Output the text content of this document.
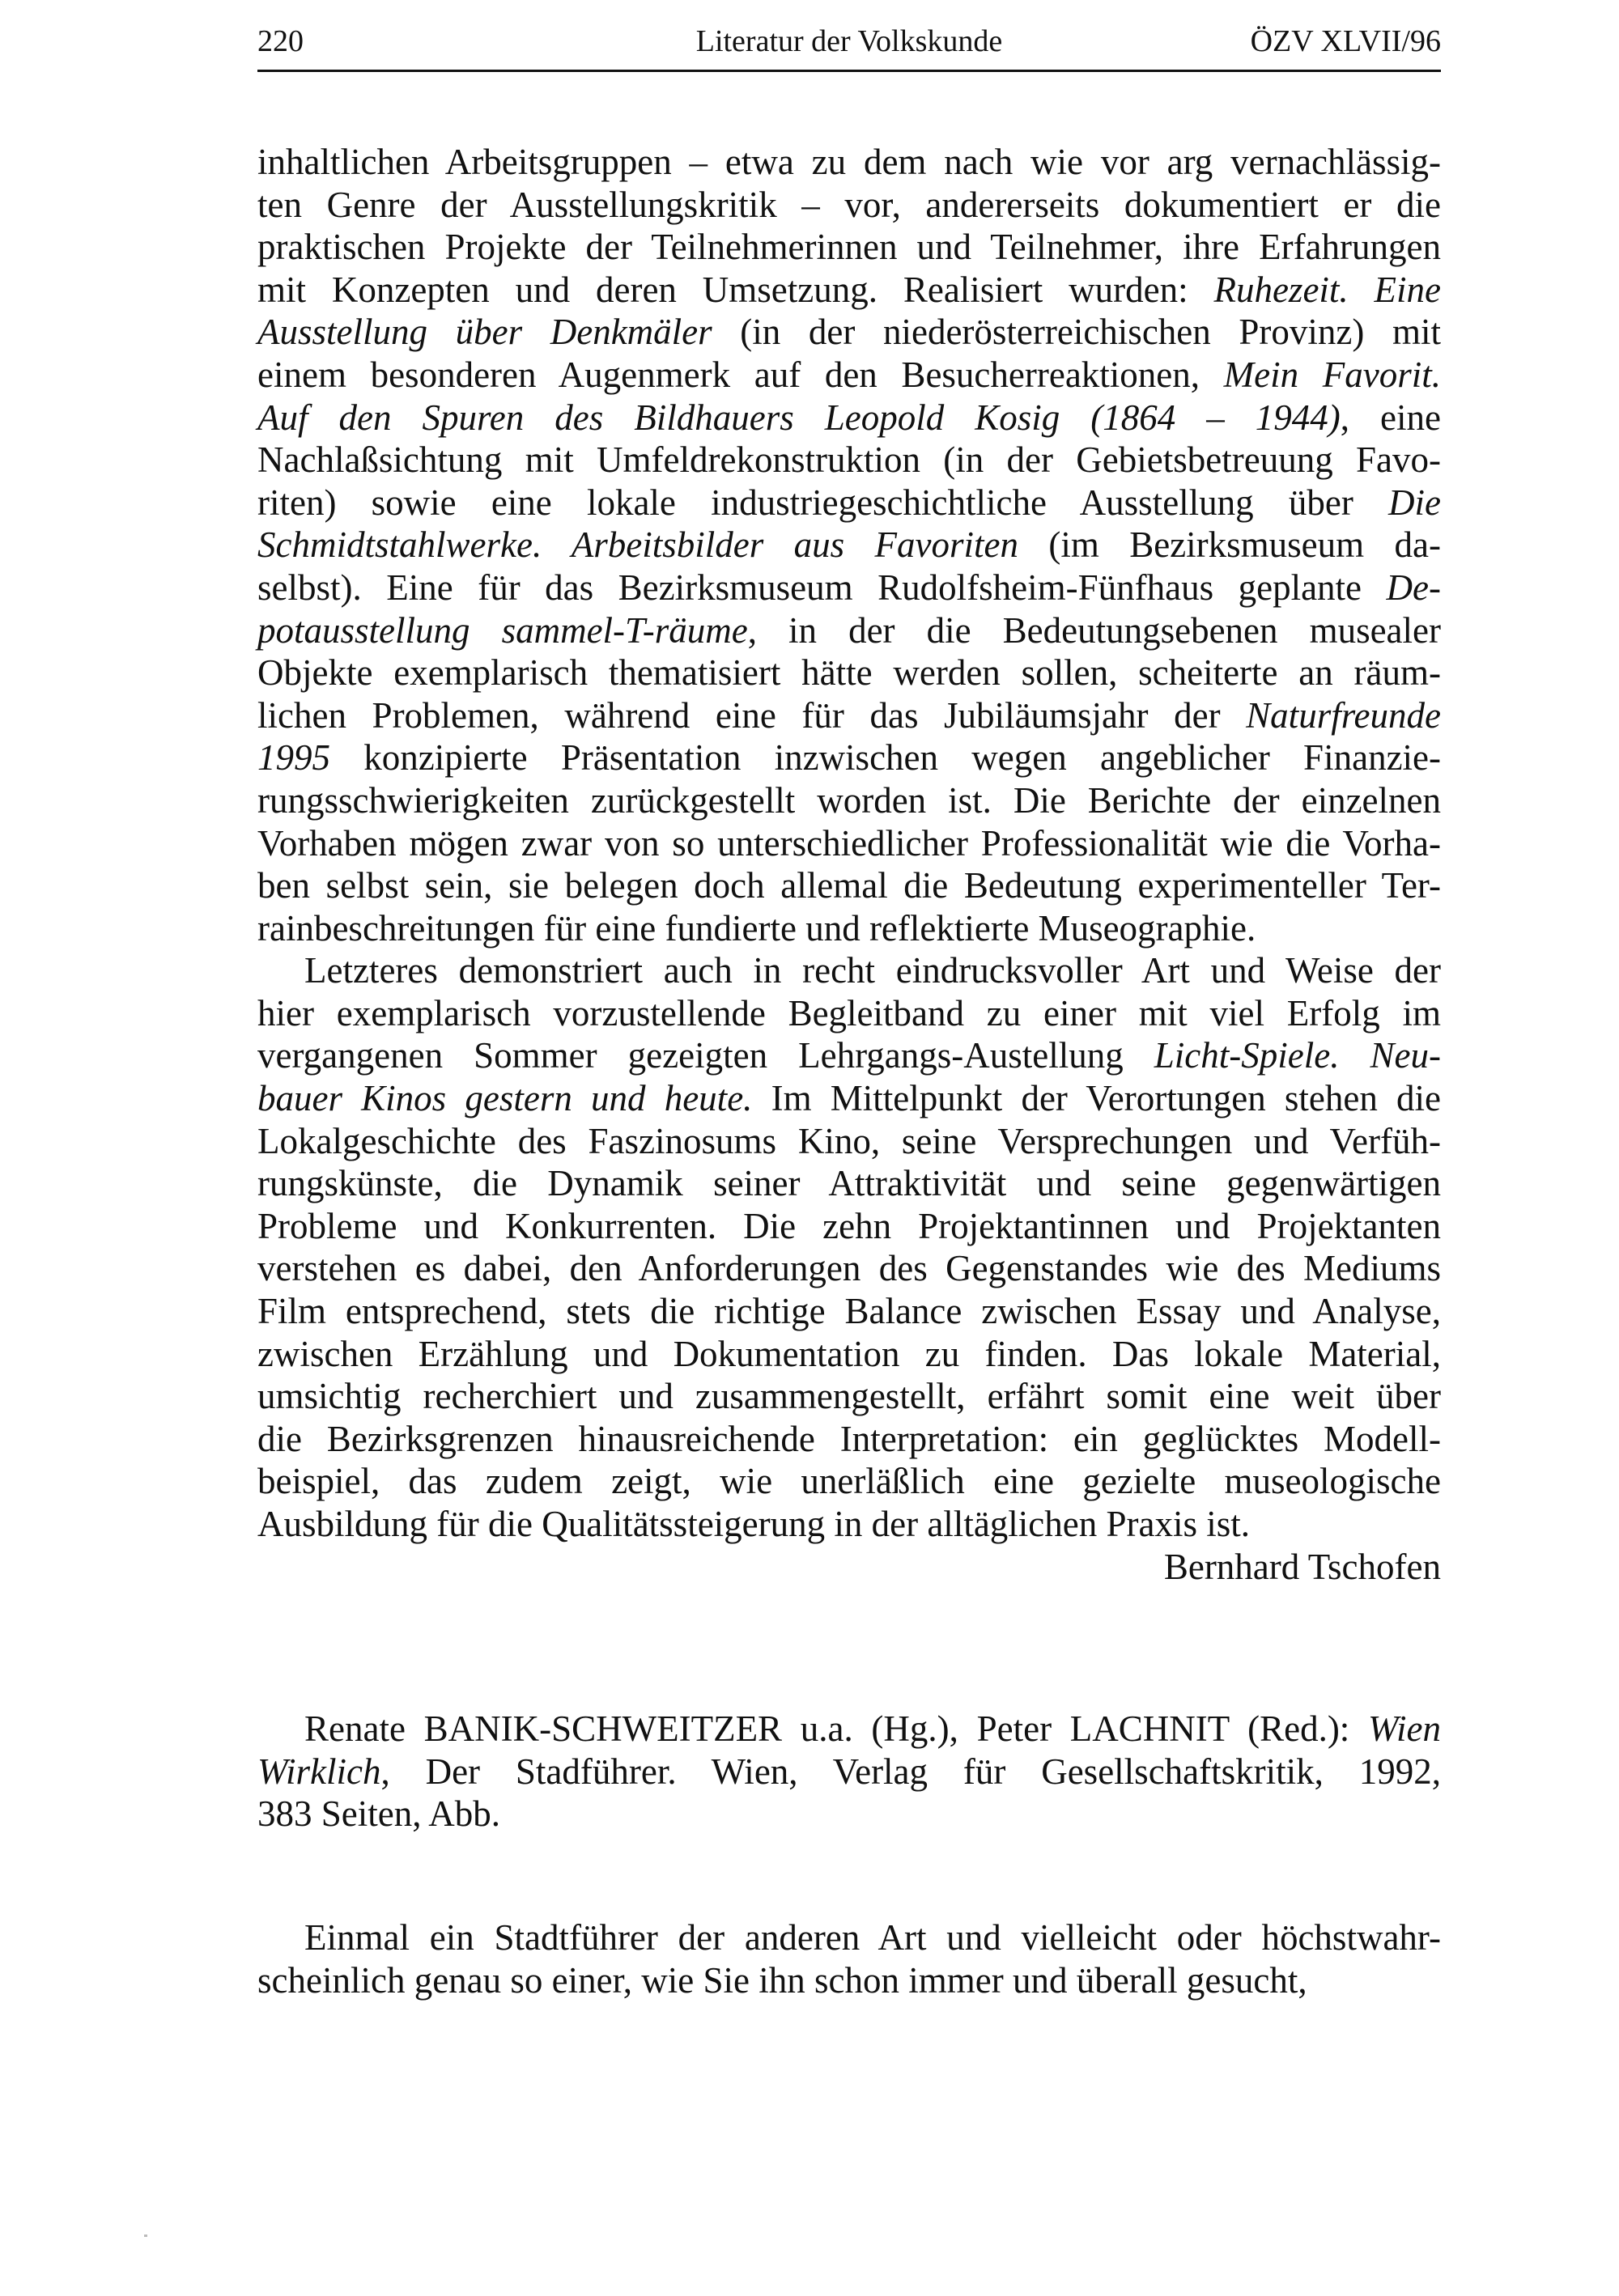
220	Literatur der Volkskunde	ÖZV XLVII/96
inhaltlichen Arbeitsgruppen – etwa zu dem nach wie vor arg vernachlässig-
ten Genre der Ausstellungskritik – vor, andererseits dokumentiert er die
praktischen Projekte der Teilnehmerinnen und Teilnehmer, ihre Erfahrungen
mit Konzepten und deren Umsetzung. Realisiert wurden: Ruhezeit. Eine
Ausstellung über Denkmäler (in der niederösterreichischen Provinz) mit
einem besonderen Augenmerk auf den Besucherreaktionen, Mein Favorit.
Auf den Spuren des Bildhauers Leopold Kosig (1864 – 1944), eine
Nachlaßsichtung mit Umfeldrekonstruktion (in der Gebietsbetreuung Favo-
riten) sowie eine lokale industriegeschichtliche Ausstellung über Die
Schmidtstahlwerke. Arbeitsbilder aus Favoriten (im Bezirksmuseum da-
selbst). Eine für das Bezirksmuseum Rudolfsheim-Fünfhaus geplante De-
potausstellung sammel-T-räume, in der die Bedeutungsebenen musealer
Objekte exemplarisch thematisiert hätte werden sollen, scheiterte an räum-
lichen Problemen, während eine für das Jubiläumsjahr der Naturfreunde
1995 konzipierte Präsentation inzwischen wegen angeblicher Finanzie-
rungsschwierigkeiten zurückgestellt worden ist. Die Berichte der einzelnen
Vorhaben mögen zwar von so unterschiedlicher Professionalität wie die Vorha-
ben selbst sein, sie belegen doch allemal die Bedeutung experimenteller Ter-
rainbeschreitungen für eine fundierte und reflektierte Museographie.
Letzteres demonstriert auch in recht eindrucksvoller Art und Weise der
hier exemplarisch vorzustellende Begleitband zu einer mit viel Erfolg im
vergangenen Sommer gezeigten Lehrgangs-Austellung Licht-Spiele. Neu-
bauer Kinos gestern und heute. Im Mittelpunkt der Verortungen stehen die
Lokalgeschichte des Faszinosums Kino, seine Versprechungen und Verfüh-
rungskünste, die Dynamik seiner Attraktivität und seine gegenwärtigen
Probleme und Konkurrenten. Die zehn Projektantinnen und Projektanten
verstehen es dabei, den Anforderungen des Gegenstandes wie des Mediums
Film entsprechend, stets die richtige Balance zwischen Essay und Analyse,
zwischen Erzählung und Dokumentation zu finden. Das lokale Material,
umsichtig recherchiert und zusammengestellt, erfährt somit eine weit über
die Bezirksgrenzen hinausreichende Interpretation: ein geglücktes Modell-
beispiel, das zudem zeigt, wie unerläßlich eine gezielte museologische
Ausbildung für die Qualitätssteigerung in der alltäglichen Praxis ist.
Bernhard Tschofen
Renate BANIK-SCHWEITZER u.a. (Hg.), Peter LACHNIT (Red.): Wien
Wirklich, Der Stadführer. Wien, Verlag für Gesellschaftskritik, 1992,
383 Seiten, Abb.
Einmal ein Stadtführer der anderen Art und vielleicht oder höchstwahr-
scheinlich genau so einer, wie Sie ihn schon immer und überall gesucht,
